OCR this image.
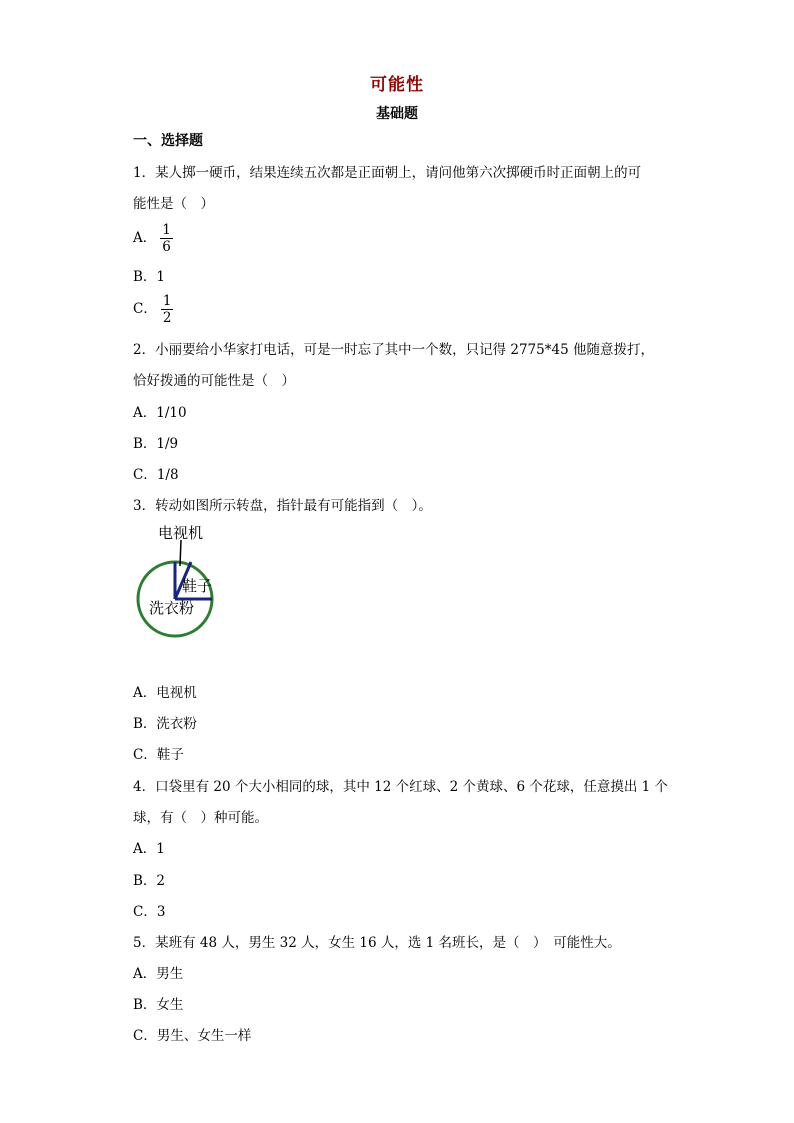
可能性
基础题
一、选择题
1．某人掷一硬币，结果连续五次都是正面朝上，请问他第六次掷硬币时正面朝上的可
能性是（　）
A． $\frac{1}{6}$
B．1
C． $\frac{1}{2}$
2．小丽要给小华家打电话，可是一时忘了其中一个数，只记得 2775*45 他随意拨打，
恰好拨通的可能性是（　）
A．1/10
B．1/9
C．1/8
3．转动如图所示转盘，指针最有可能指到（　）。
电视机
鞋子
洗衣粉
A．电视机
B．洗衣粉
C．鞋子
4．口袋里有 20 个大小相同的球，其中 12 个红球、2 个黄球、6 个花球，任意摸出 1 个
球，有（　）种可能。
A．1
B．2
C．3
5．某班有 48 人，男生 32 人，女生 16 人，选 1 名班长，是（　）　可能性大。
A．男生
B．女生
C．男生、女生一样
